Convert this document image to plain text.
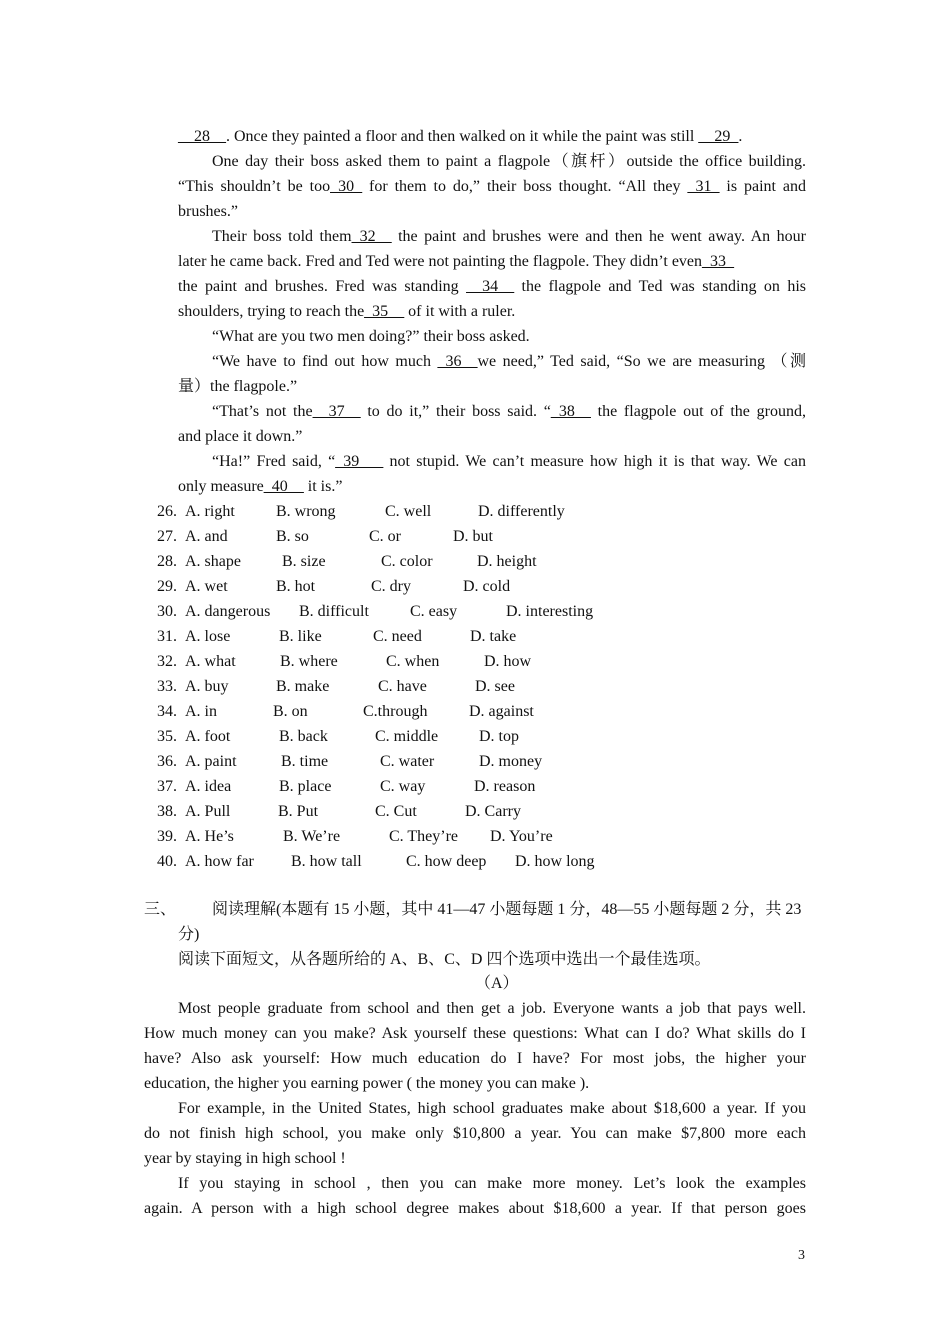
__28__. Once they painted a floor and then walked on it while the paint was still __29_.
One day their boss asked them to paint a flagpole（旗杆）outside the office building.
“This shouldn’t be too_30_ for them to do,” their boss thought. “All they _31_ is paint and
brushes.”
Their boss told them_32__ the paint and brushes were and then he went away. An hour
later he came back. Fred and Ted were not painting the flagpole. They didn’t even_33_
the paint and brushes. Fred was standing __34__ the flagpole and Ted was standing on his
shoulders, trying to reach the_35__ of it with a ruler.
“What are you two men doing?” their boss asked.
“We have to find out how much _36__we need,” Ted said, “So we are measuring （测
量）the flagpole.”
“That’s not the__37__ to do it,” their boss said. “_38__ the flagpole out of the ground,
and place it down.”
“Ha!” Fred said, “_39___ not stupid. We can’t measure how high it is that way. We can
only measure_40__ it is.”
26. A. right	B. wrong	C. well	D. differently
27. A. and	B. so	C. or	D. but
28. A. shape	B. size	C. color	D. height
29. A. wet	B. hot	C. dry	D. cold
30. A. dangerous B. difficult	C. easy	D. interesting
31. A. lose	B. like	C. need	D. take
32. A. what	B. where	C. when	D. how
33. A. buy	B. make	C. have	D. see
34. A. in	B. on	C.through	D. against
35. A. foot	B. back	C. middle	D. top
36. A. paint	B. time	C. water	D. money
37. A. idea	B. place	C. way	D. reason
38. A. Pull	B. Put	C. Cut	D. Carry
39. A. He’s	B. We’re	C. They’re D. You’re
40. A. how far B. how tall	C. how deep D. how long
三、 阅读理解(本题有 15 小题，其中 41—47 小题每题 1 分，48—55 小题每题 2 分，共 23
分)
阅读下面短文，从各题所给的 A、B、C、D 四个选项中选出一个最佳选项。
（A）
Most people graduate from school and then get a job. Everyone wants a job that pays well.
How much money can you make? Ask yourself these questions: What can I do? What skills do I
have? Also ask yourself: How much education do I have? For most jobs, the higher your
education, the higher you earning power ( the money you can make ).
For example, in the United States, high school graduates make about $18,600 a year. If you
do not finish high school, you make only $10,800 a year. You can make $7,800 more each
year by staying in high school !
If you staying in school , then you can make more money. Let’s look the examples
again. A person with a high school degree makes about $18,600 a year. If that person goes
3
